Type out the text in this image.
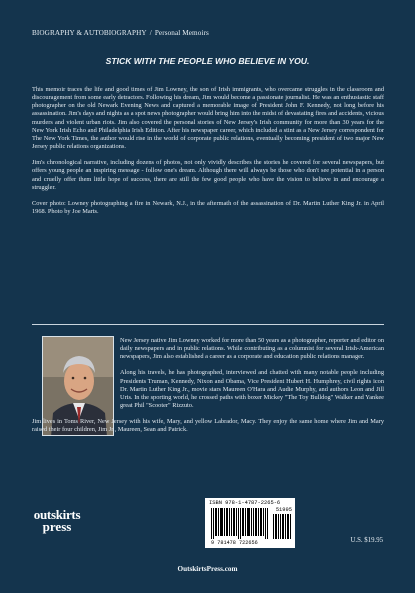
BIOGRAPHY & AUTOBIOGRAPHY / Personal Memoirs
STICK WITH THE PEOPLE WHO BELIEVE IN YOU.

This memoir traces the life and good times of Jim Lowney, the son of Irish immigrants, who overcame struggles in the classroom and discouragement from some early detractors. Following his dream, Jim would become a passionate journalist. He was an enthusiastic staff photographer on the old Newark Evening News and captured a memorable image of President John F. Kennedy, not long before his assassination. Jim's days and nights as a spot news photographer would bring him into the midst of devastating fires and accidents, vicious murders and violent urban riots. Jim also covered the personal stories of New Jersey's Irish community for more than 30 years for the New York Irish Echo and Philadelphia Irish Edition. After his newspaper career, which included a stint as a New Jersey correspondent for The New York Times, the author would rise in the world of corporate public relations, eventually becoming president of two major New Jersey public relations organizations.

Jim's chronological narrative, including dozens of photos, not only vividly describes the stories he covered for several newspapers, but offers young people an inspiring message - follow one's dream. Although there will always be those who don't see potential in a person and cruelly offer them little hope of success, there are still the few good people who have the vision to believe in and encourage a struggler.

Cover photo: Lowney photographing a fire in Newark, N.J., in the aftermath of the assassination of Dr. Martin Luther King Jr. in April 1968. Photo by Joe Marts.

New Jersey native Jim Lowney worked for more than 50 years as a photographer, reporter and editor on daily newspapers and in public relations. While contributing as a columnist for several Irish-American newspapers, Jim also established a career as a corporate and education public relations manager.

Along his travels, he has photographed, interviewed and chatted with many notable people including Presidents Truman, Kennedy, Nixon and Obama, Vice President Hubert H. Humphrey, civil rights icon Dr. Martin Luther King Jr., movie stars Maureen O'Hara and Audie Murphy, and authors Leon and Jill Uris. In the sporting world, he crossed paths with boxer Mickey "The Toy Bulldog" Walker and Yankee great Phil "Scooter" Rizzuto.

Jim lives in Toms River, New Jersey with his wife, Mary, and yellow Labrador, Macy. They enjoy the same home where Jim and Mary raised their four children, Jim Jr., Maureen, Sean and Patrick.

outskirts
press
ISBN 978-1-4787-2265-6
51995
9 781478 722656	U.S. $19.95
OutskirtsPress.com
